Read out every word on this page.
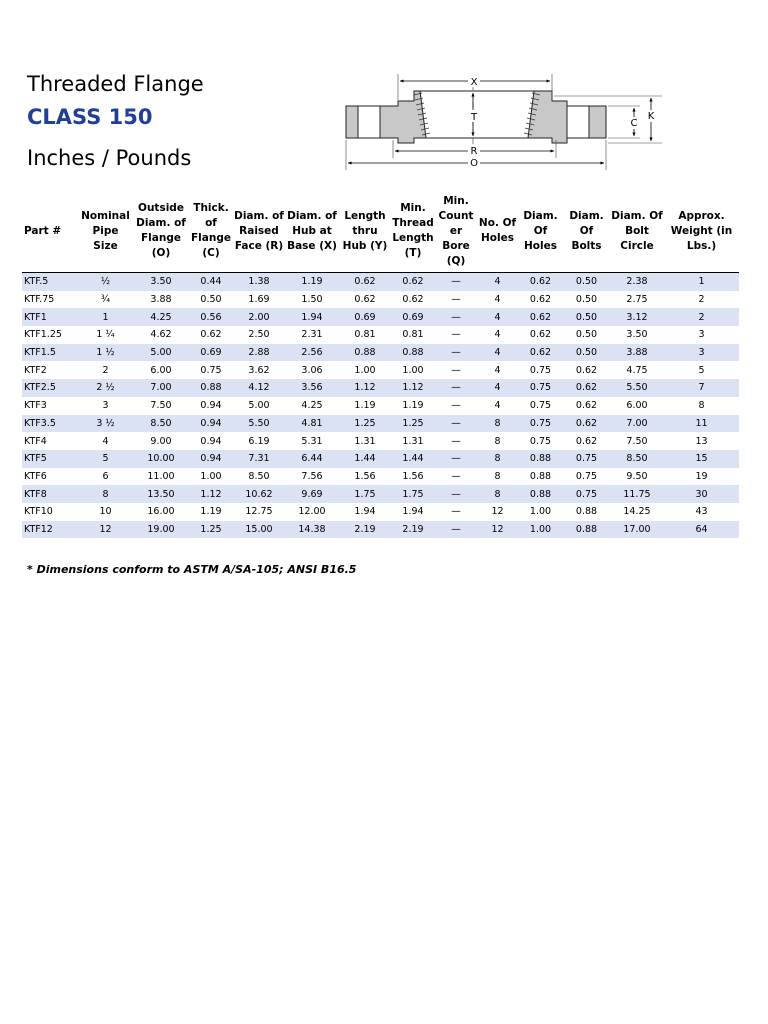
Threaded Flange
CLASS 150
Inches / Pounds
X
T
R
O
C
K
Part #	Nominal Pipe Size	Outside Diam. of Flange (O)	Thick. of Flange (C)	Diam. of Raised Face (R)	Diam. of Hub at Base (X)	Length thru Hub (Y)	Min. Thread Length (T)	Min. Count er Bore (Q)	No. Of Holes	Diam. Of Holes	Diam. Of Bolts	Diam. Of Bolt Circle	Approx. Weight (in Lbs.)
KTF.5	½	3.50	0.44	1.38	1.19	0.62	0.62	—	4	0.62	0.50	2.38	1
KTF.75	¾	3.88	0.50	1.69	1.50	0.62	0.62	—	4	0.62	0.50	2.75	2
KTF1	1	4.25	0.56	2.00	1.94	0.69	0.69	—	4	0.62	0.50	3.12	2
KTF1.25	1 ¼	4.62	0.62	2.50	2.31	0.81	0.81	—	4	0.62	0.50	3.50	3
KTF1.5	1 ½	5.00	0.69	2.88	2.56	0.88	0.88	—	4	0.62	0.50	3.88	3
KTF2	2	6.00	0.75	3.62	3.06	1.00	1.00	—	4	0.75	0.62	4.75	5
KTF2.5	2 ½	7.00	0.88	4.12	3.56	1.12	1.12	—	4	0.75	0.62	5.50	7
KTF3	3	7.50	0.94	5.00	4.25	1.19	1.19	—	4	0.75	0.62	6.00	8
KTF3.5	3 ½	8.50	0.94	5.50	4.81	1.25	1.25	—	8	0.75	0.62	7.00	11
KTF4	4	9.00	0.94	6.19	5.31	1.31	1.31	—	8	0.75	0.62	7.50	13
KTF5	5	10.00	0.94	7.31	6.44	1.44	1.44	—	8	0.88	0.75	8.50	15
KTF6	6	11.00	1.00	8.50	7.56	1.56	1.56	—	8	0.88	0.75	9.50	19
KTF8	8	13.50	1.12	10.62	9.69	1.75	1.75	—	8	0.88	0.75	11.75	30
KTF10	10	16.00	1.19	12.75	12.00	1.94	1.94	—	12	1.00	0.88	14.25	43
KTF12	12	19.00	1.25	15.00	14.38	2.19	2.19	—	12	1.00	0.88	17.00	64
* Dimensions conform to ASTM A/SA-105; ANSI B16.5
